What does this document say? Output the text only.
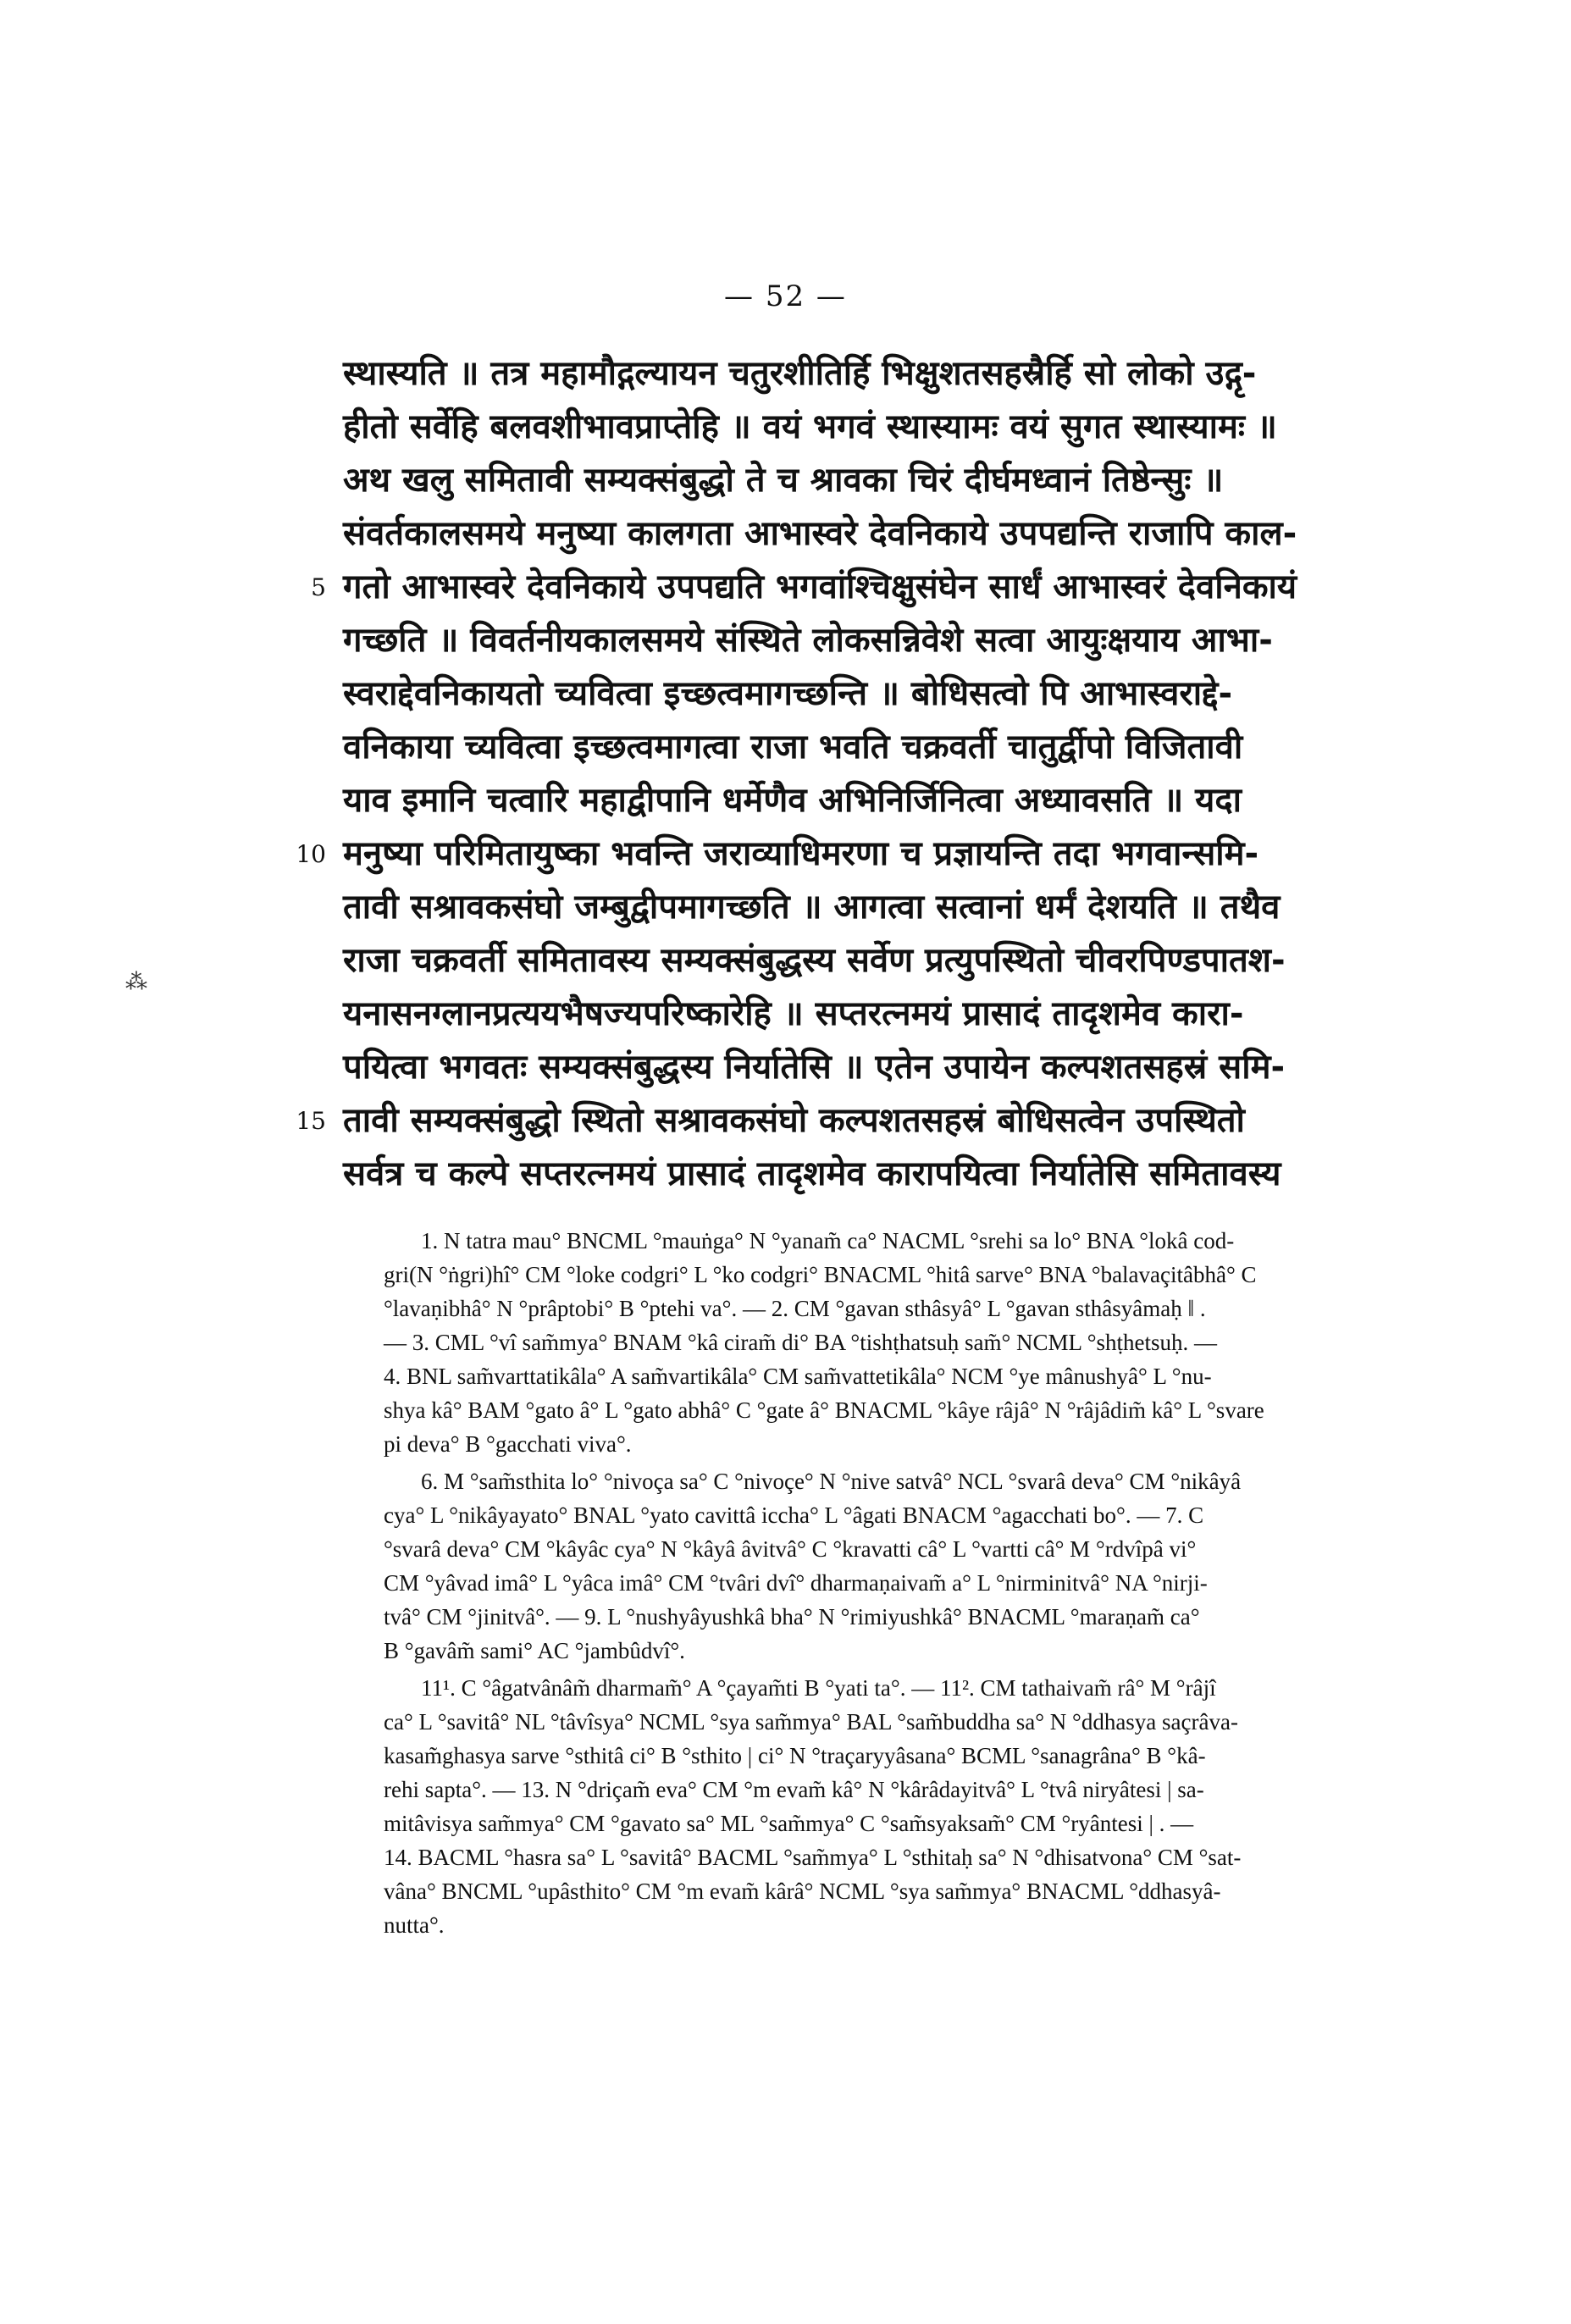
— 52 —
⁂
स्थास्यति ॥ तत्र महामौद्गल्यायन चतुरशीतिर्हि भिक्षुशतसहस्रैर्हि सो लोको उद्गृ-
हीतो सर्वेहि बलवशीभावप्राप्तेहि ॥ वयं भगवं स्थास्यामः वयं सुगत स्थास्यामः ॥
अथ खलु समितावी सम्यक्संबुद्धो ते च श्रावका चिरं दीर्घमध्वानं तिष्ठेन्सुः ॥
संवर्तकालसमये मनुष्या कालगता आभास्वरे देवनिकाये उपपद्यन्ति राजापि काल-
5 गतो आभास्वरे देवनिकाये उपपद्यति भगवांश्चिक्षुसंघेन सार्धं आभास्वरं देवनिकायं
गच्छति ॥ विवर्तनीयकालसमये संस्थिते लोकसन्निवेशे सत्वा आयुःक्षयाय आभा-
स्वराद्देवनिकायतो च्यवित्वा इच्छत्वमागच्छन्ति ॥ बोधिसत्वो पि आभास्वराद्दे-
वनिकाया च्यवित्वा इच्छत्वमागत्वा राजा भवति चक्रवर्ती चातुर्द्वीपो विजितावी
याव इमानि चत्वारि महाद्वीपानि धर्मेणैव अभिनिर्जिनित्वा अध्यावसति ॥ यदा
10 मनुष्या परिमितायुष्का भवन्ति जराव्याधिमरणा च प्रज्ञायन्ति तदा भगवान्समि-
तावी सश्रावकसंघो जम्बुद्वीपमागच्छति ॥ आगत्वा सत्वानां धर्मं देशयति ॥ तथैव
राजा चक्रवर्ती समितावस्य सम्यक्संबुद्धस्य सर्वेण प्रत्युपस्थितो चीवरपिण्डपातश-
यनासनग्लानप्रत्ययभैषज्यपरिष्कारेहि ॥ सप्तरत्नमयं प्रासादं तादृशमेव कारा-
पयित्वा भगवतः सम्यक्संबुद्धस्य निर्यातेसि ॥ एतेन उपायेन कल्पशतसहस्रं समि-
15 तावी सम्यक्संबुद्धो स्थितो सश्रावकसंघो कल्पशतसहस्रं बोधिसत्वेन उपस्थितो
सर्वत्र च कल्पे सप्तरत्नमयं प्रासादं तादृशमेव कारापयित्वा निर्यातेसि समितावस्य
1. N tatra mau° BNCML °mauṅga° N °yanam̃ ca° NACML °srehi sa lo° BNA °lokâ cod-
gri(N °ṅgri)hî° CM °loke codgri° L °ko codgri° BNACML °hitâ sarve° BNA °balavaçitâbhâ° C
°lavaṇibhâ° N °prâptobi° B °ptehi va°. — 2. CM °gavan sthâsyâ° L °gavan sthâsyâmaḥ ‖ .
— 3. CML °vî sam̃mya° BNAM °kâ ciram̃ di° BA °tishṭhatsuḥ sam̃° NCML °shṭhetsuḥ. —
4. BNL sam̃varttatikâla° A sam̃vartikâla° CM sam̃vattetikâla° NCM °ye mânushyâ° L °nu-
shya kâ° BAM °gato â° L °gato abhâ° C °gate â° BNACML °kâye râjâ° N °râjâdim̃ kâ° L °svare
pi deva° B °gacchati viva°.
6. M °sam̃sthita lo° °nivoça sa° C °nivoçe° N °nive satvâ° NCL °svarâ deva° CM °nikâyâ
cya° L °nikâyayato° BNAL °yato cavittâ iccha° L °âgati BNACM °agacchati bo°. — 7. C
°svarâ deva° CM °kâyâc cya° N °kâyâ âvitvâ° C °kravatti câ° L °vartti câ° M °rdvîpâ vi°
CM °yâvad imâ° L °yâca imâ° CM °tvâri dvî° dharmaṇaivam̃ a° L °nirminitvâ° NA °nirji-
tvâ° CM °jinitvâ°. — 9. L °nushyâyushkâ bha° N °rimiyushkâ° BNACML °maraṇam̃ ca°
B °gavâm̃ sami° AC °jambûdvî°.
11¹. C °âgatvânâm̃ dharmam̃° A °çayam̃ti B °yati ta°. — 11². CM tathaivam̃ râ° M °râjî
ca° L °savitâ° NL °tâvîsya° NCML °sya sam̃mya° BAL °sam̃buddha sa° N °ddhasya saçrâva-
kasam̃ghasya sarve °sthitâ ci° B °sthito | ci° N °traçaryyâsana° BCML °sanagrâna° B °kâ-
rehi sapta°. — 13. N °driçam̃ eva° CM °m evam̃ kâ° N °kârâdayitvâ° L °tvâ niryâtesi | sa-
mitâvisya sam̃mya° CM °gavato sa° ML °sam̃mya° C °sam̃syaksam̃° CM °ryântesi | . —
14. BACML °hasra sa° L °savitâ° BACML °sam̃mya° L °sthitaḥ sa° N °dhisatvona° CM °sat-
vâna° BNCML °upâsthito° CM °m evam̃ kârâ° NCML °sya sam̃mya° BNACML °ddhasyâ-
nutta°.
